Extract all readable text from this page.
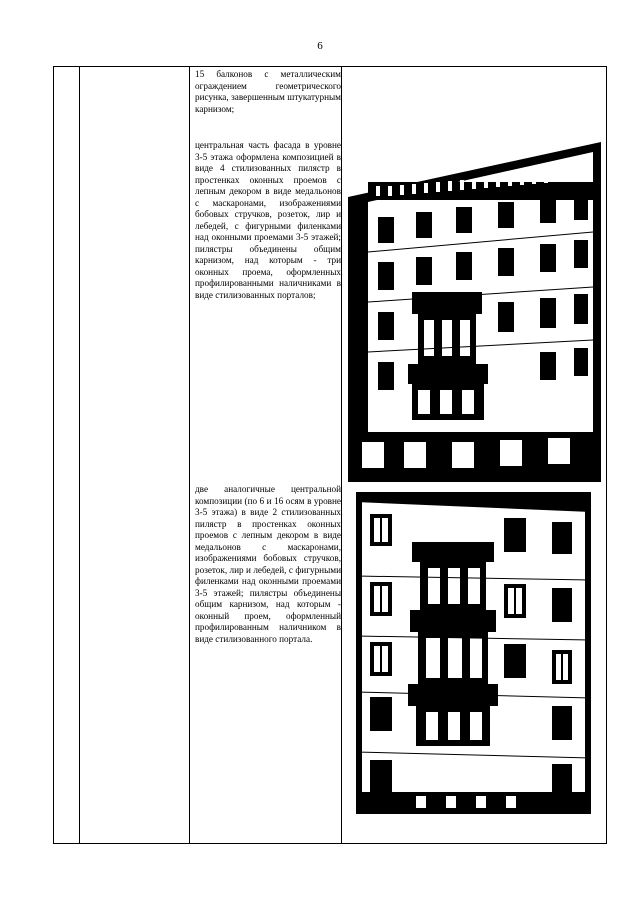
6

15 балконов с металлическим ограждением геометрического рисунка, завершенным штукатурным карнизом;

центральная часть фасада в уровне 3-5 этажа оформлена композицией в виде 4 стилизованных пилястр в простенках оконных проемов с лепным декором в виде медальонов с маскаронами, изображениями бобовых стручков, розеток, лир и лебедей, с фигурными филенками над оконными проемами 3-5 этажей; пилястры объединены общим карнизом, над которым - три оконных проема, оформленных профилированными наличниками в виде стилизованных порталов;

две аналогичные центральной композиции (по 6 и 16 осям в уровне 3-5 этажа) в виде 2 стилизованных пилястр в простенках оконных проемов с лепным декором в виде медальонов с маскаронами, изображениями бобовых стручков, розеток, лир и лебедей, с фигурными филенками над оконными проемами 3-5 этажей; пилястры объединены общим карнизом, над которым - оконный проем, оформленный профилированным наличником в виде стилизованного портала.
